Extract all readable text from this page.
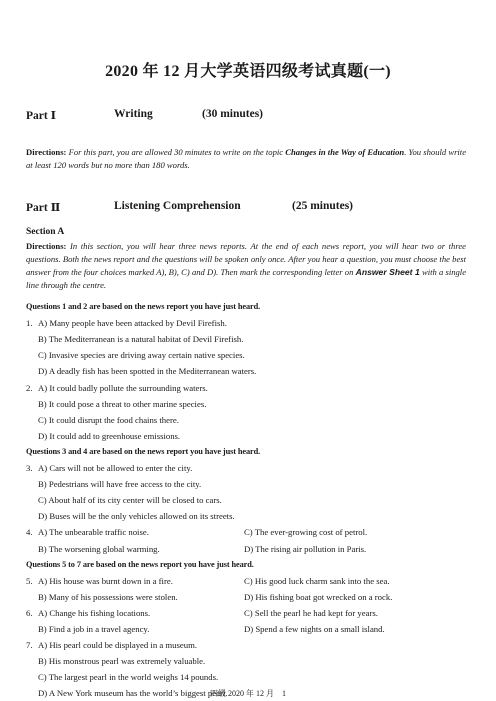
2020 年 12 月大学英语四级考试真题(一)
Part Ⅰ	Writing	(30 minutes)
Directions: For this part, you are allowed 30 minutes to write on the topic Changes in the Way of Education. You should write at least 120 words but no more than 180 words.
Part Ⅱ	Listening Comprehension	(25 minutes)
Section A
Directions: In this section, you will hear three news reports. At the end of each news report, you will hear two or three questions. Both the news report and the questions will be spoken only once. After you hear a question, you must choose the best answer from the four choices marked A), B), C) and D). Then mark the corresponding letter on Answer Sheet 1 with a single line through the centre.
Questions 1 and 2 are based on the news report you have just heard.
1. A) Many people have been attacked by Devil Firefish.
B) The Mediterranean is a natural habitat of Devil Firefish.
C) Invasive species are driving away certain native species.
D) A deadly fish has been spotted in the Mediterranean waters.
2. A) It could badly pollute the surrounding waters.
B) It could pose a threat to other marine species.
C) It could disrupt the food chains there.
D) It could add to greenhouse emissions.
Questions 3 and 4 are based on the news report you have just heard.
3. A) Cars will not be allowed to enter the city.
B) Pedestrians will have free access to the city.
C) About half of its city center will be closed to cars.
D) Buses will be the only vehicles allowed on its streets.
4. A) The unbearable traffic noise.	C) The ever-growing cost of petrol.
B) The worsening global warming.	D) The rising air pollution in Paris.
Questions 5 to 7 are based on the news report you have just heard.
5. A) His house was burnt down in a fire.	C) His good luck charm sank into the sea.
B) Many of his possessions were stolen.	D) His fishing boat got wrecked on a rock.
6. A) Change his fishing locations.	C) Sell the pearl he had kept for years.
B) Find a job in a travel agency.	D) Spend a few nights on a small island.
7. A) His pearl could be displayed in a museum.
B) His monstrous pearl was extremely valuable.
C) The largest pearl in the world weighs 14 pounds.
D) A New York museum has the world’s biggest pearl.
四级 2020 年 12 月　1
